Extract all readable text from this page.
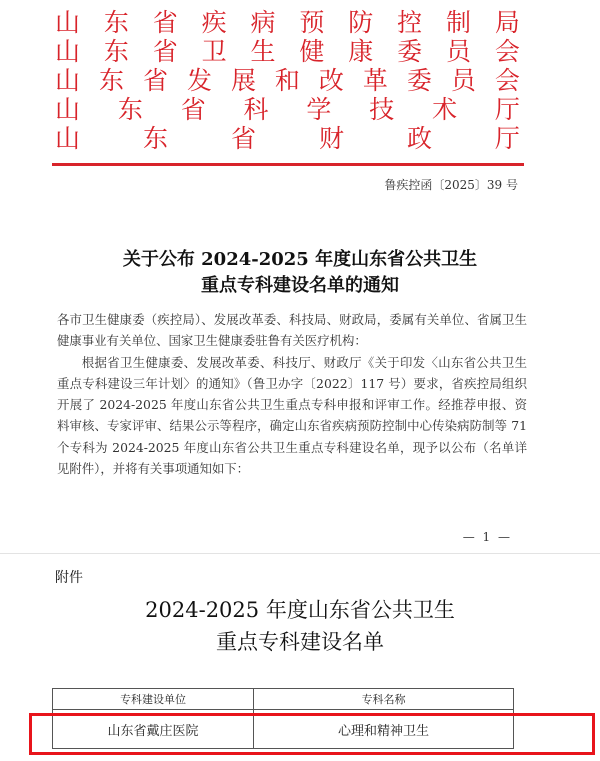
山 东 省 疾 病 预 防 控 制 局
山 东 省 卫 生 健 康 委 员 会
山 东 省 发 展 和 改 革 委 员 会
山 东 省 科 学 技 术 厅
山	东	省	财	政	厅
鲁疾控函〔2025〕39 号
关于公布 2024-2025 年度山东省公共卫生
重点专科建设名单的通知

各市卫生健康委（疾控局）、发展改革委、科技局、财政局，委属有关单位、省属卫生健康事业有关单位、国家卫生健康委驻鲁有关医疗机构：

根据省卫生健康委、发展改革委、科技厅、财政厅《关于印发〈山东省公共卫生重点专科建设三年计划〉的通知》（鲁卫办字〔2022〕117 号）要求，省疾控局组织开展了 2024-2025 年度山东省公共卫生重点专科申报和评审工作。经推荐申报、资料审核、专家评审、结果公示等程序，确定山东省疾病预防控制中心传染病防制等 71 个专科为 2024-2025 年度山东省公共卫生重点专科建设名单，现予以公布（名单详见附件），并将有关事项通知如下：

— 1 —
附件
2024-2025 年度山东省公共卫生
重点专科建设名单
专科建设单位	专科名称
山东省戴庄医院	心理和精神卫生
